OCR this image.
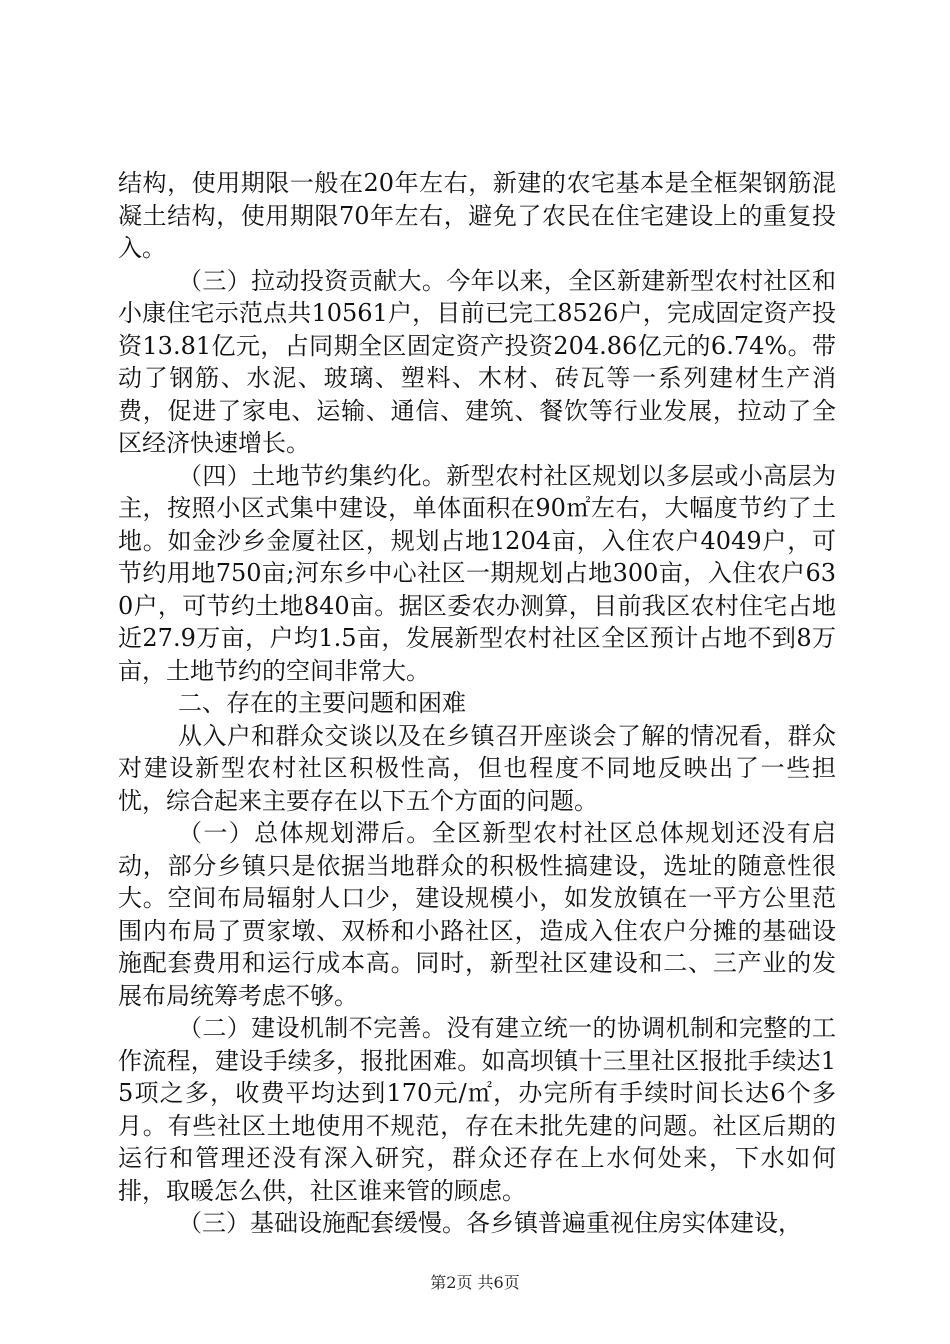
结构，使用期限一般在20年左右，新建的农宅基本是全框架钢筋混凝土结构，使用期限70年左右，避免了农民在住宅建设上的重复投入。

（三）拉动投资贡献大。今年以来，全区新建新型农村社区和小康住宅示范点共10561户，目前已完工8526户，完成固定资产投资13.81亿元，占同期全区固定资产投资204.86亿元的6.74%。带动了钢筋、水泥、玻璃、塑料、木材、砖瓦等一系列建材生产消费，促进了家电、运输、通信、建筑、餐饮等行业发展，拉动了全区经济快速增长。

（四）土地节约集约化。新型农村社区规划以多层或小高层为主，按照小区式集中建设，单体面积在90㎡左右，大幅度节约了土地。如金沙乡金厦社区，规划占地1204亩，入住农户4049户，可节约用地750亩;河东乡中心社区一期规划占地300亩，入住农户630户，可节约土地840亩。据区委农办测算，目前我区农村住宅占地近27.9万亩，户均1.5亩，发展新型农村社区全区预计占地不到8万亩，土地节约的空间非常大。

二、存在的主要问题和困难

从入户和群众交谈以及在乡镇召开座谈会了解的情况看，群众对建设新型农村社区积极性高，但也程度不同地反映出了一些担忧，综合起来主要存在以下五个方面的问题。

（一）总体规划滞后。全区新型农村社区总体规划还没有启动，部分乡镇只是依据当地群众的积极性搞建设，选址的随意性很大。空间布局辐射人口少，建设规模小，如发放镇在一平方公里范围内布局了贾家墩、双桥和小路社区，造成入住农户分摊的基础设施配套费用和运行成本高。同时，新型社区建设和二、三产业的发展布局统筹考虑不够。

（二）建设机制不完善。没有建立统一的协调机制和完整的工作流程，建设手续多，报批困难。如高坝镇十三里社区报批手续达15项之多，收费平均达到170元/㎡，办完所有手续时间长达6个多月。有些社区土地使用不规范，存在未批先建的问题。社区后期的运行和管理还没有深入研究，群众还存在上水何处来，下水如何排，取暖怎么供，社区谁来管的顾虑。

（三）基础设施配套缓慢。各乡镇普遍重视住房实体建设，

第2页 共6页
